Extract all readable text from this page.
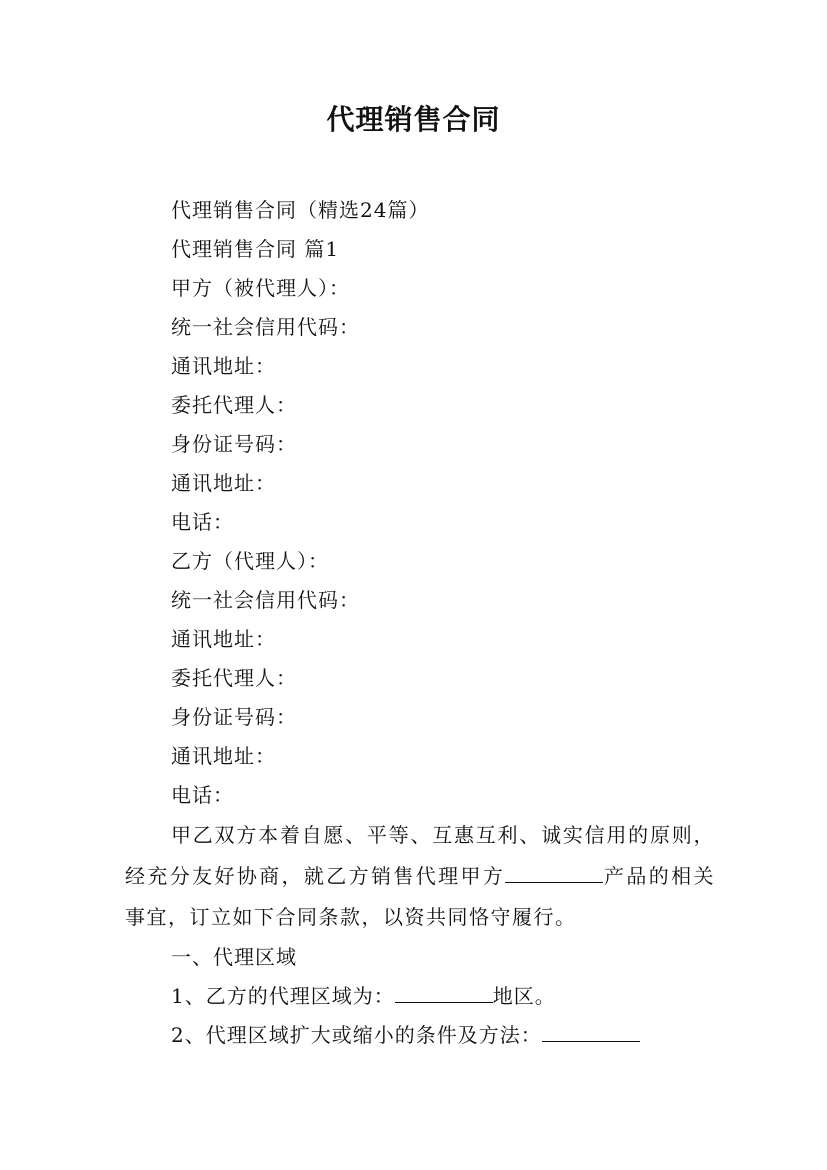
代理销售合同
代理销售合同（精选24篇）
代理销售合同 篇1
甲方（被代理人）：
统一社会信用代码：
通讯地址：
委托代理人：
身份证号码：
通讯地址：
电话：
乙方（代理人）：
统一社会信用代码：
通讯地址：
委托代理人：
身份证号码：
通讯地址：
电话：
甲乙双方本着自愿、平等、互惠互利、诚实信用的原则，经充分友好协商，就乙方销售代理甲方	产品的相关事宜，订立如下合同条款，以资共同恪守履行。
一、代理区域
1、乙方的代理区域为：	地区。
2、代理区域扩大或缩小的条件及方法：
